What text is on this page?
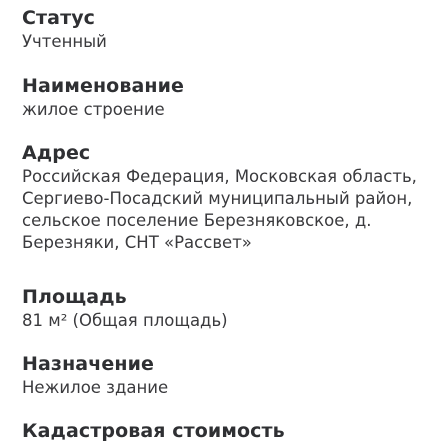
Статус

Учтенный

Наименование

жилое строение

Адрес

Российская Федерация, Московская область, Сергиево-Посадский муниципальный район, сельское поселение Березняковское, д. Березняки, СНТ «Рассвет»

Площадь

81 м² (Общая площадь)

Назначение

Нежилое здание

Кадастровая стоимость
